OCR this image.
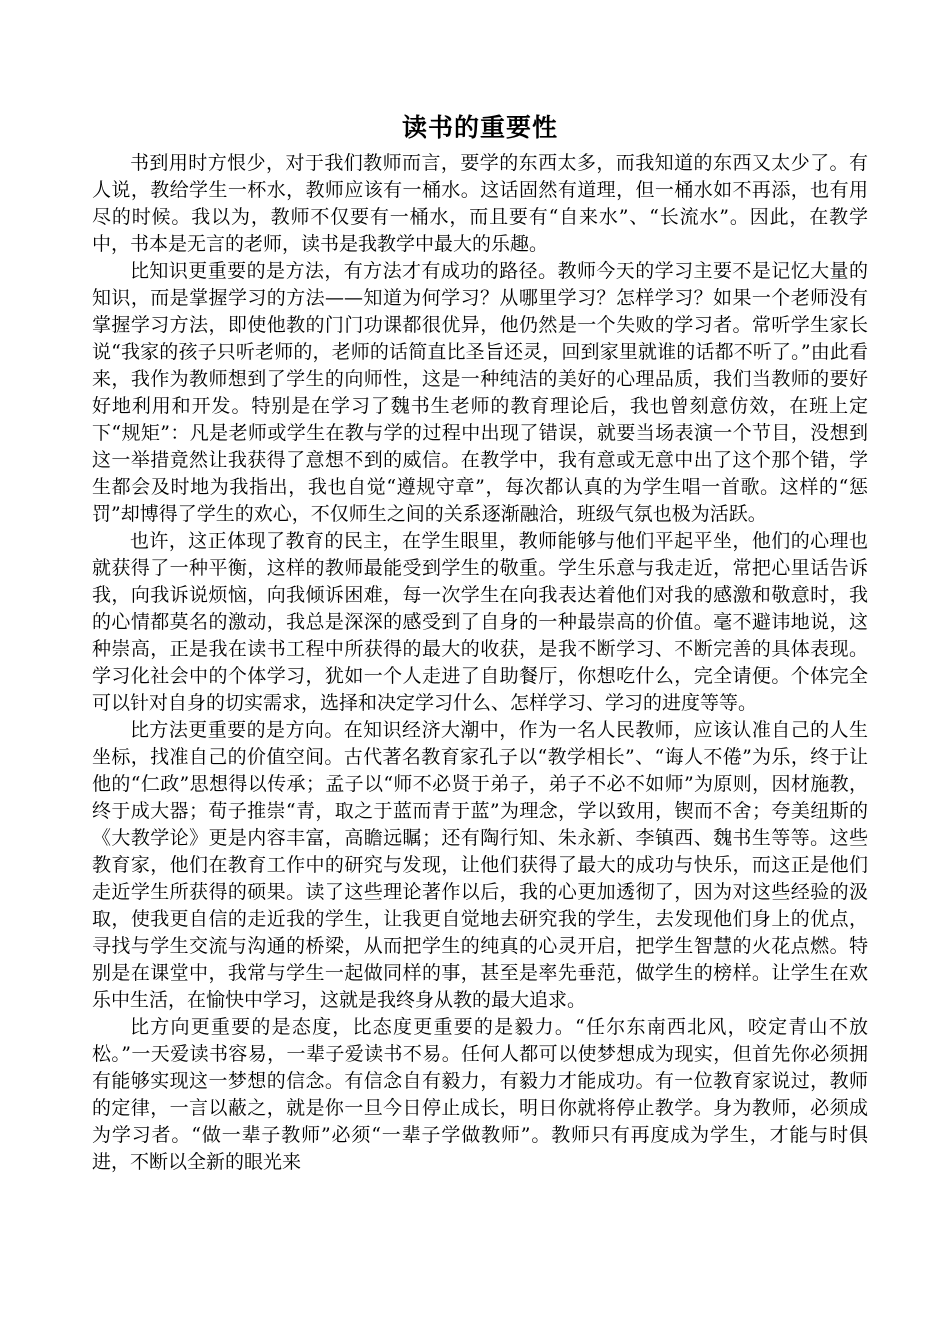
读书的重要性

书到用时方恨少，对于我们教师而言，要学的东西太多，而我知道的东西又太少了。有人说，教给学生一杯水，教师应该有一桶水。这话固然有道理，但一桶水如不再添，也有用尽的时候。我以为，教师不仅要有一桶水，而且要有“自来水”、“长流水”。因此，在教学中，书本是无言的老师，读书是我教学中最大的乐趣。

比知识更重要的是方法，有方法才有成功的路径。教师今天的学习主要不是记忆大量的知识，而是掌握学习的方法——知道为何学习？从哪里学习？怎样学习？如果一个老师没有掌握学习方法，即使他教的门门功课都很优异，他仍然是一个失败的学习者。常听学生家长说“我家的孩子只听老师的，老师的话简直比圣旨还灵，回到家里就谁的话都不听了。”由此看来，我作为教师想到了学生的向师性，这是一种纯洁的美好的心理品质，我们当教师的要好好地利用和开发。特别是在学习了魏书生老师的教育理论后，我也曾刻意仿效，在班上定下“规矩”：凡是老师或学生在教与学的过程中出现了错误，就要当场表演一个节目，没想到这一举措竟然让我获得了意想不到的威信。在教学中，我有意或无意中出了这个那个错，学生都会及时地为我指出，我也自觉“遵规守章”，每次都认真的为学生唱一首歌。这样的“惩罚”却博得了学生的欢心，不仅师生之间的关系逐渐融洽，班级气氛也极为活跃。

也许，这正体现了教育的民主，在学生眼里，教师能够与他们平起平坐，他们的心理也就获得了一种平衡，这样的教师最能受到学生的敬重。学生乐意与我走近，常把心里话告诉我，向我诉说烦恼，向我倾诉困难，每一次学生在向我表达着他们对我的感激和敬意时，我的心情都莫名的激动，我总是深深的感受到了自身的一种最崇高的价值。毫不避讳地说，这种崇高，正是我在读书工程中所获得的最大的收获，是我不断学习、不断完善的具体表现。学习化社会中的个体学习，犹如一个人走进了自助餐厅，你想吃什么，完全请便。个体完全可以针对自身的切实需求，选择和决定学习什么、怎样学习、学习的进度等等。

比方法更重要的是方向。在知识经济大潮中，作为一名人民教师，应该认准自己的人生坐标，找准自己的价值空间。古代著名教育家孔子以“教学相长”、“诲人不倦”为乐，终于让他的“仁政”思想得以传承；孟子以“师不必贤于弟子，弟子不必不如师”为原则，因材施教，终于成大器；荀子推崇“青，取之于蓝而青于蓝”为理念，学以致用，锲而不舍；夸美纽斯的《大教学论》更是内容丰富，高瞻远瞩；还有陶行知、朱永新、李镇西、魏书生等等。这些教育家，他们在教育工作中的研究与发现，让他们获得了最大的成功与快乐，而这正是他们走近学生所获得的硕果。读了这些理论著作以后，我的心更加透彻了，因为对这些经验的汲取，使我更自信的走近我的学生，让我更自觉地去研究我的学生，去发现他们身上的优点，寻找与学生交流与沟通的桥梁，从而把学生的纯真的心灵开启，把学生智慧的火花点燃。特别是在课堂中，我常与学生一起做同样的事，甚至是率先垂范，做学生的榜样。让学生在欢乐中生活，在愉快中学习，这就是我终身从教的最大追求。

比方向更重要的是态度，比态度更重要的是毅力。“任尔东南西北风，咬定青山不放松。”一天爱读书容易，一辈子爱读书不易。任何人都可以使梦想成为现实，但首先你必须拥有能够实现这一梦想的信念。有信念自有毅力，有毅力才能成功。有一位教育家说过，教师的定律，一言以蔽之，就是你一旦今日停止成长，明日你就将停止教学。身为教师，必须成为学习者。“做一辈子教师”必须“一辈子学做教师”。教师只有再度成为学生，才能与时俱进，不断以全新的眼光来
